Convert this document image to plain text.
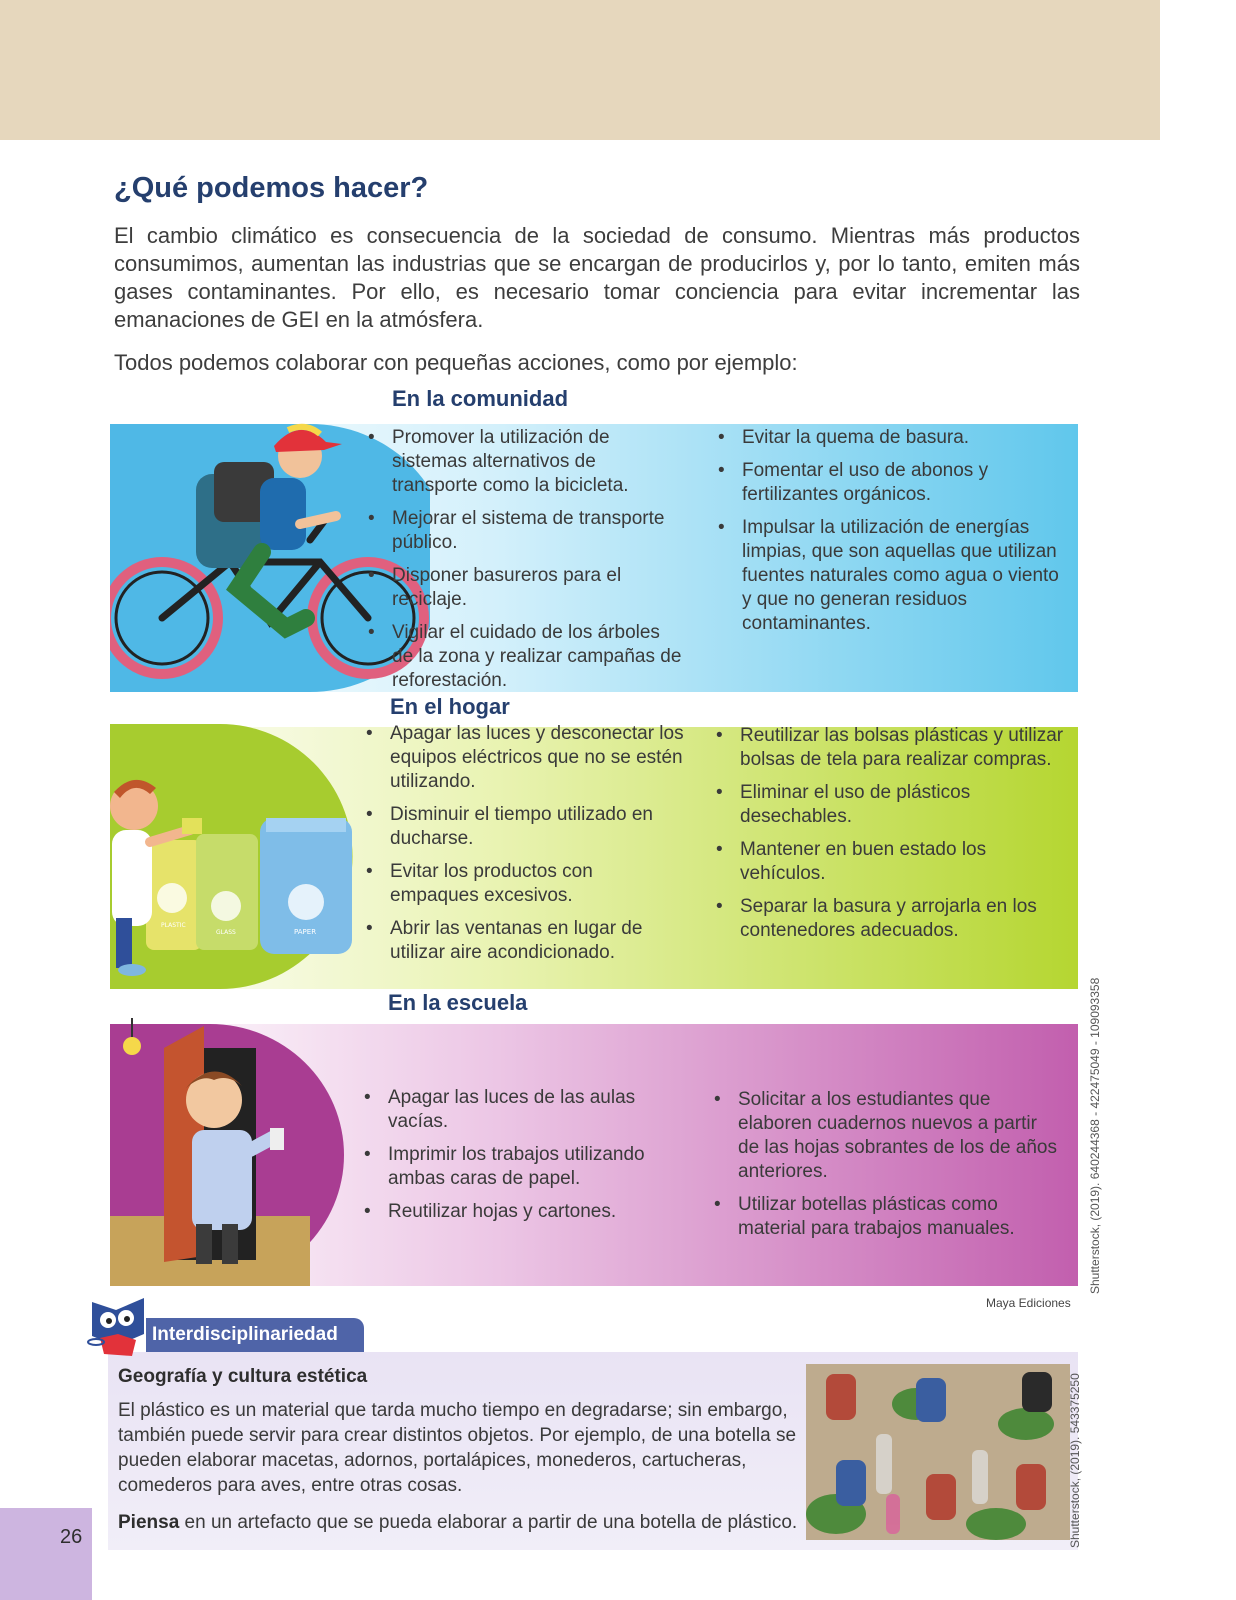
¿Qué podemos hacer?
El cambio climático es consecuencia de la sociedad de consumo. Mientras más productos consumimos, aumentan las industrias que se encargan de producirlos y, por lo tanto, emiten más gases contaminantes. Por ello, es necesario tomar conciencia para evitar incrementar las emanaciones de GEI en la atmósfera.
Todos podemos colaborar con pequeñas acciones, como por ejemplo:
En la comunidad
• Promover la utilización de sistemas alternativos de transporte como la bicicleta.
• Mejorar el sistema de transporte público.
• Disponer basureros para el reciclaje.
• Vigilar el cuidado de los árboles de la zona y realizar campañas de reforestación.
• Evitar la quema de basura.
• Fomentar el uso de abonos y fertilizantes orgánicos.
• Impulsar la utilización de energías limpias, que son aquellas que utilizan fuentes naturales como agua o viento y que no generan residuos contaminantes.
En el hogar
PLASTIC
GLASS	PAPER
• Apagar las luces y desconectar los equipos eléctricos que no se estén utilizando.
• Disminuir el tiempo utilizado en ducharse.
• Evitar los productos con empaques excesivos.
• Abrir las ventanas en lugar de utilizar aire acondicionado.
• Reutilizar las bolsas plásticas y utilizar bolsas de tela para realizar compras.
• Eliminar el uso de plásticos desechables.
• Mantener en buen estado los vehículos.
• Separar la basura y arrojarla en los contenedores adecuados.
En la escuela
• Apagar las luces de las aulas vacías.
• Imprimir los trabajos utilizando ambas caras de papel.
• Reutilizar hojas y cartones.
• Solicitar a los estudiantes que elaboren cuadernos nuevos a partir de las hojas sobrantes de los de años anteriores.
• Utilizar botellas plásticas como material para trabajos manuales.	Shutterstock, (2019). 640244368 - 422475049 - 109093358
Maya Ediciones
Interdisciplinariedad
Geografía y cultura estética
El plástico es un material que tarda mucho tiempo en degradarse; sin embargo, también puede servir para crear distintos objetos. Por ejemplo, de una botella se pueden elaborar macetas, adornos, portalápices, monederos, cartucheras, comederos para aves, entre otras cosas.
Piensa en un artefacto que se pueda elaborar a partir de una botella de plástico.	Shutterstock, (2019). 543375250
26
